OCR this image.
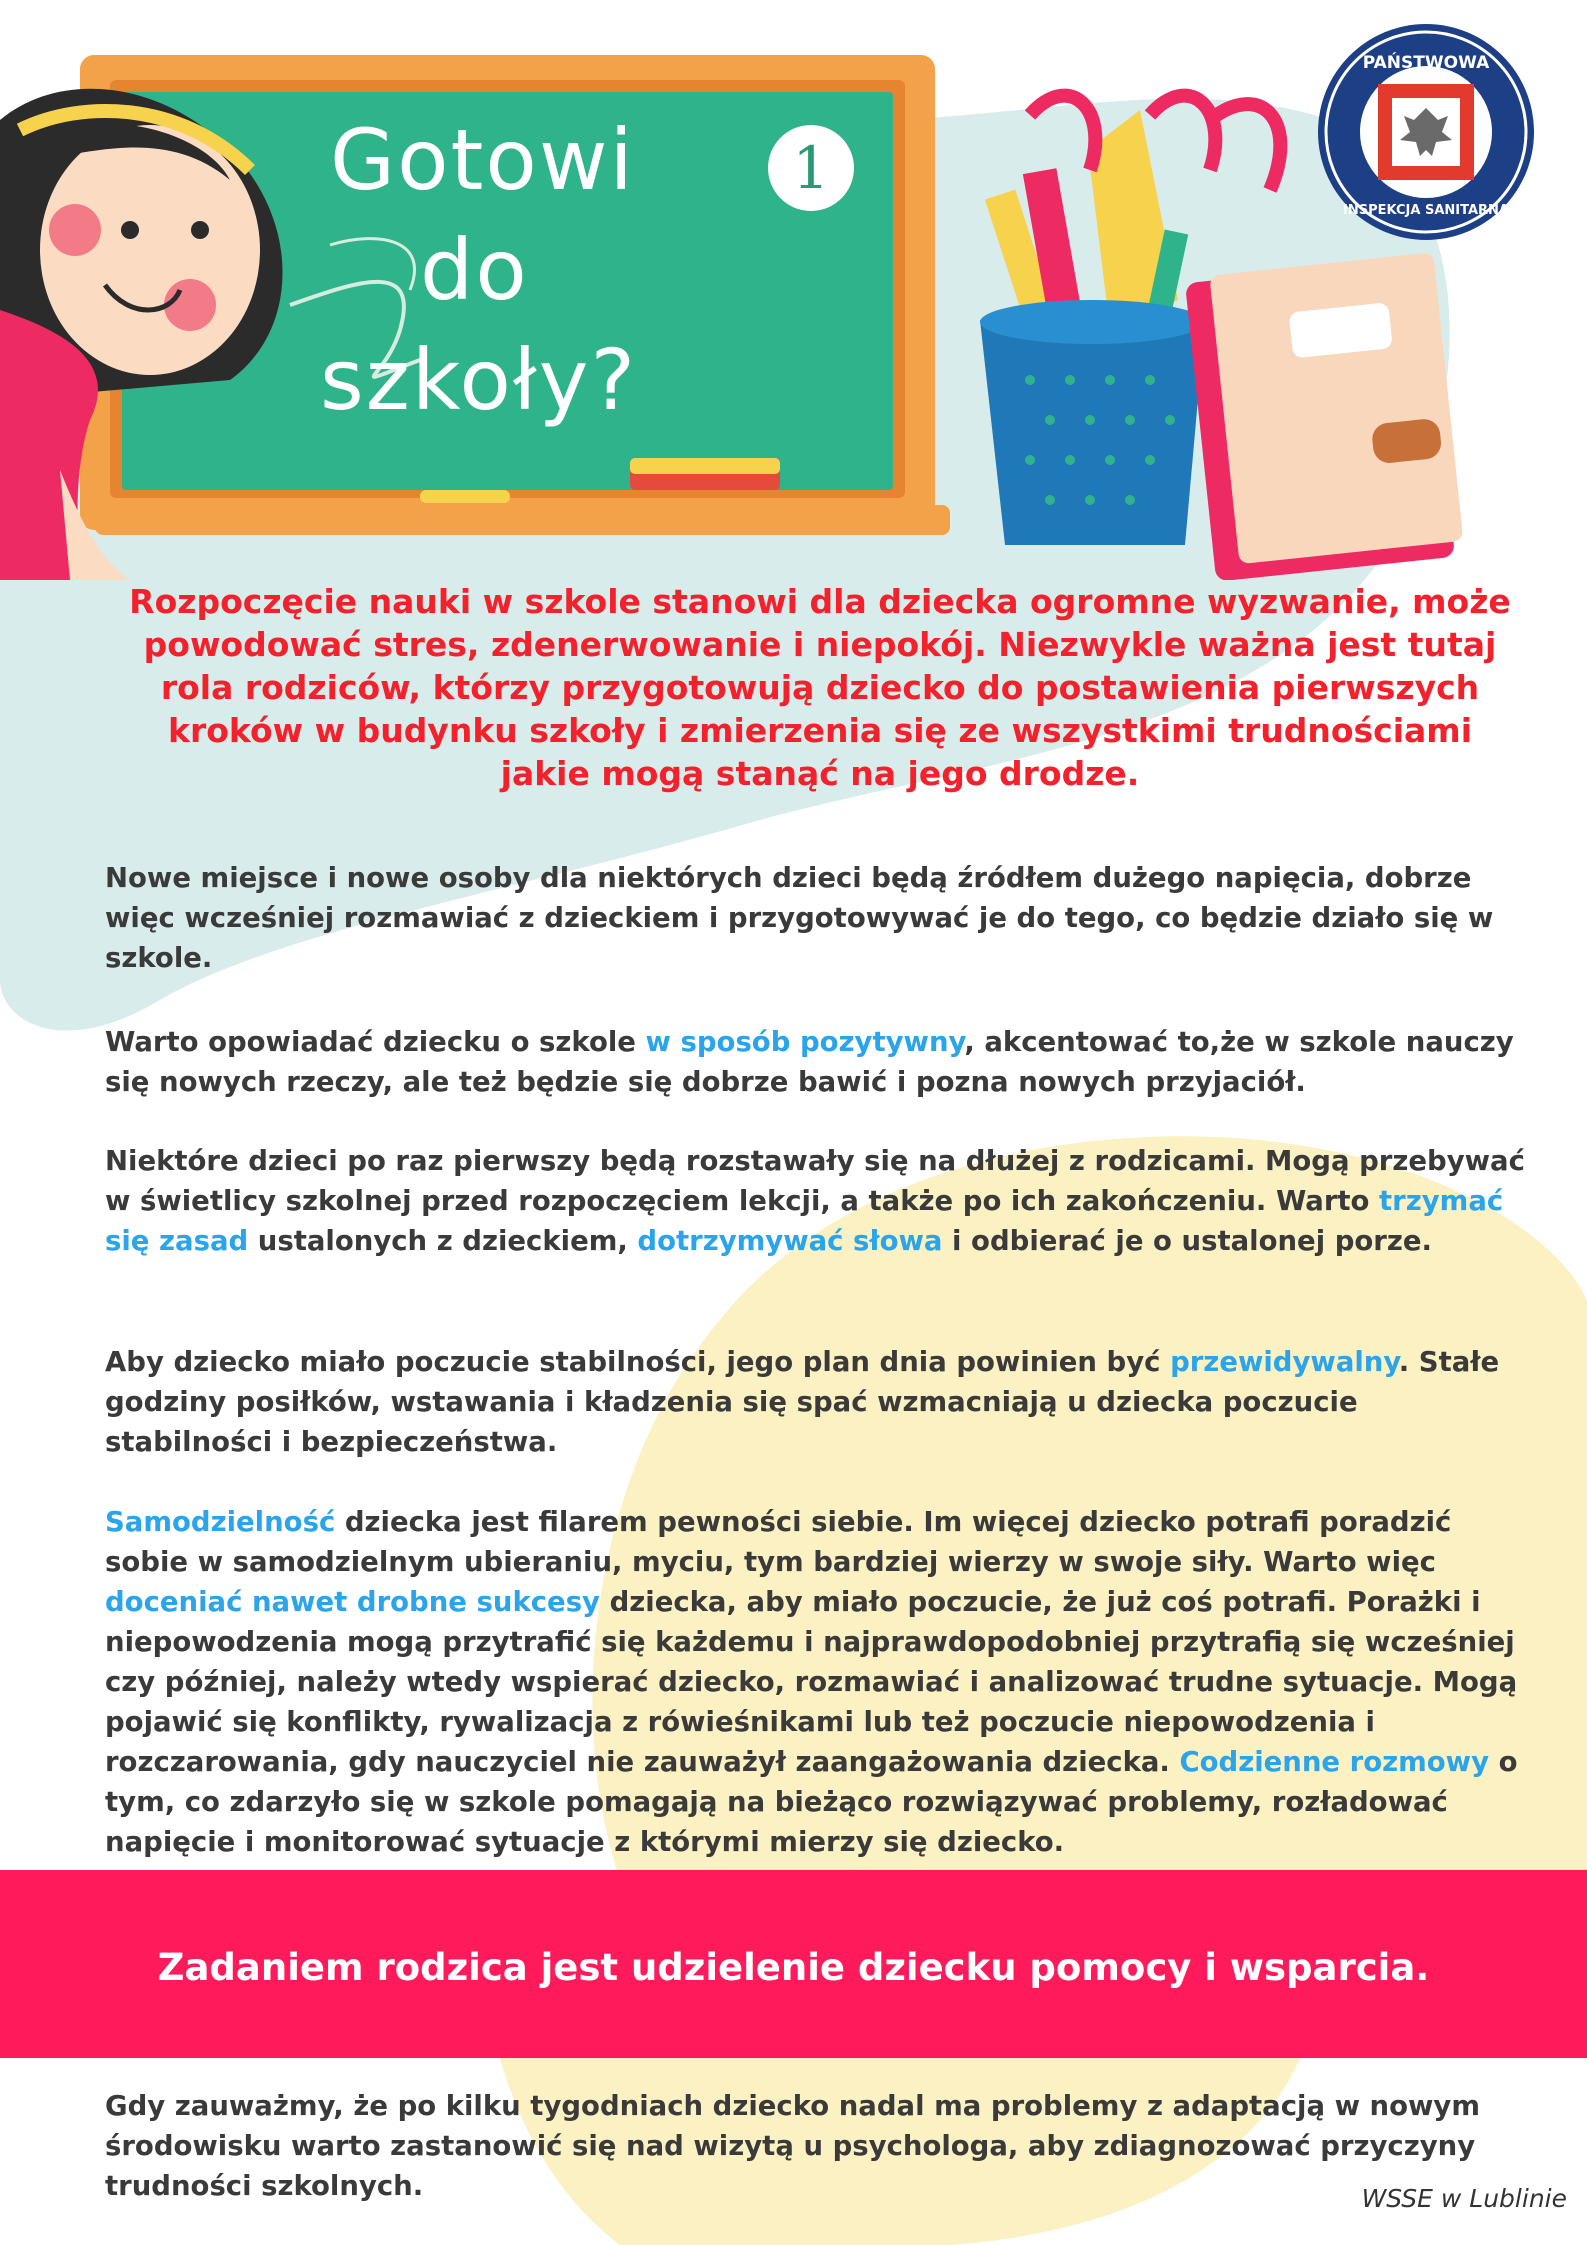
PAŃSTWOWA
INSPEKCJA SANITARNA
Gotowi
do
szkoły?
1

Rozpoczęcie nauki w szkole stanowi dla dziecka ogromne wyzwanie, może powodować stres, zdenerwowanie i niepokój. Niezwykle ważna jest tutaj rola rodziców, którzy przygotowują dziecko do postawienia pierwszych kroków w budynku szkoły i zmierzenia się ze wszystkimi trudnościami jakie mogą stanąć na jego drodze.

Nowe miejsce i nowe osoby dla niektórych dzieci będą źródłem dużego napięcia, dobrze więc wcześniej rozmawiać z dzieckiem i przygotowywać je do tego, co będzie działo się w szkole.

Warto opowiadać dziecku o szkole w sposób pozytywny, akcentować to,że w szkole nauczy się nowych rzeczy, ale też będzie się dobrze bawić i pozna nowych przyjaciół.

Niektóre dzieci po raz pierwszy będą rozstawały się na dłużej z rodzicami. Mogą przebywać w świetlicy szkolnej przed rozpoczęciem lekcji, a także po ich zakończeniu. Warto trzymać się zasad ustalonych z dzieckiem, dotrzymywać słowa i odbierać je o ustalonej porze.

Aby dziecko miało poczucie stabilności, jego plan dnia powinien być przewidywalny. Stałe godziny posiłków, wstawania i kładzenia się spać wzmacniają u dziecka poczucie stabilności i bezpieczeństwa.

Samodzielność dziecka jest filarem pewności siebie. Im więcej dziecko potrafi poradzić sobie w samodzielnym ubieraniu, myciu, tym bardziej wierzy w swoje siły. Warto więc doceniać nawet drobne sukcesy dziecka, aby miało poczucie, że już coś potrafi. Porażki i niepowodzenia mogą przytrafić się każdemu i najprawdopodobniej przytrafią się wcześniej czy później, należy wtedy wspierać dziecko, rozmawiać i analizować trudne sytuacje. Mogą pojawić się konflikty, rywalizacja z rówieśnikami lub też poczucie niepowodzenia i rozczarowania, gdy nauczyciel nie zauważył zaangażowania dziecka. Codzienne rozmowy o tym, co zdarzyło się w szkole pomagają na bieżąco rozwiązywać problemy, rozładować napięcie i monitorować sytuacje z którymi mierzy się dziecko.

Zadaniem rodzica jest udzielenie dziecku pomocy i wsparcia.

Gdy zauważmy, że po kilku tygodniach dziecko nadal ma problemy z adaptacją w nowym środowisku warto zastanowić się nad wizytą u psychologa, aby zdiagnozować przyczyny trudności szkolnych.	WSSE w Lublinie
